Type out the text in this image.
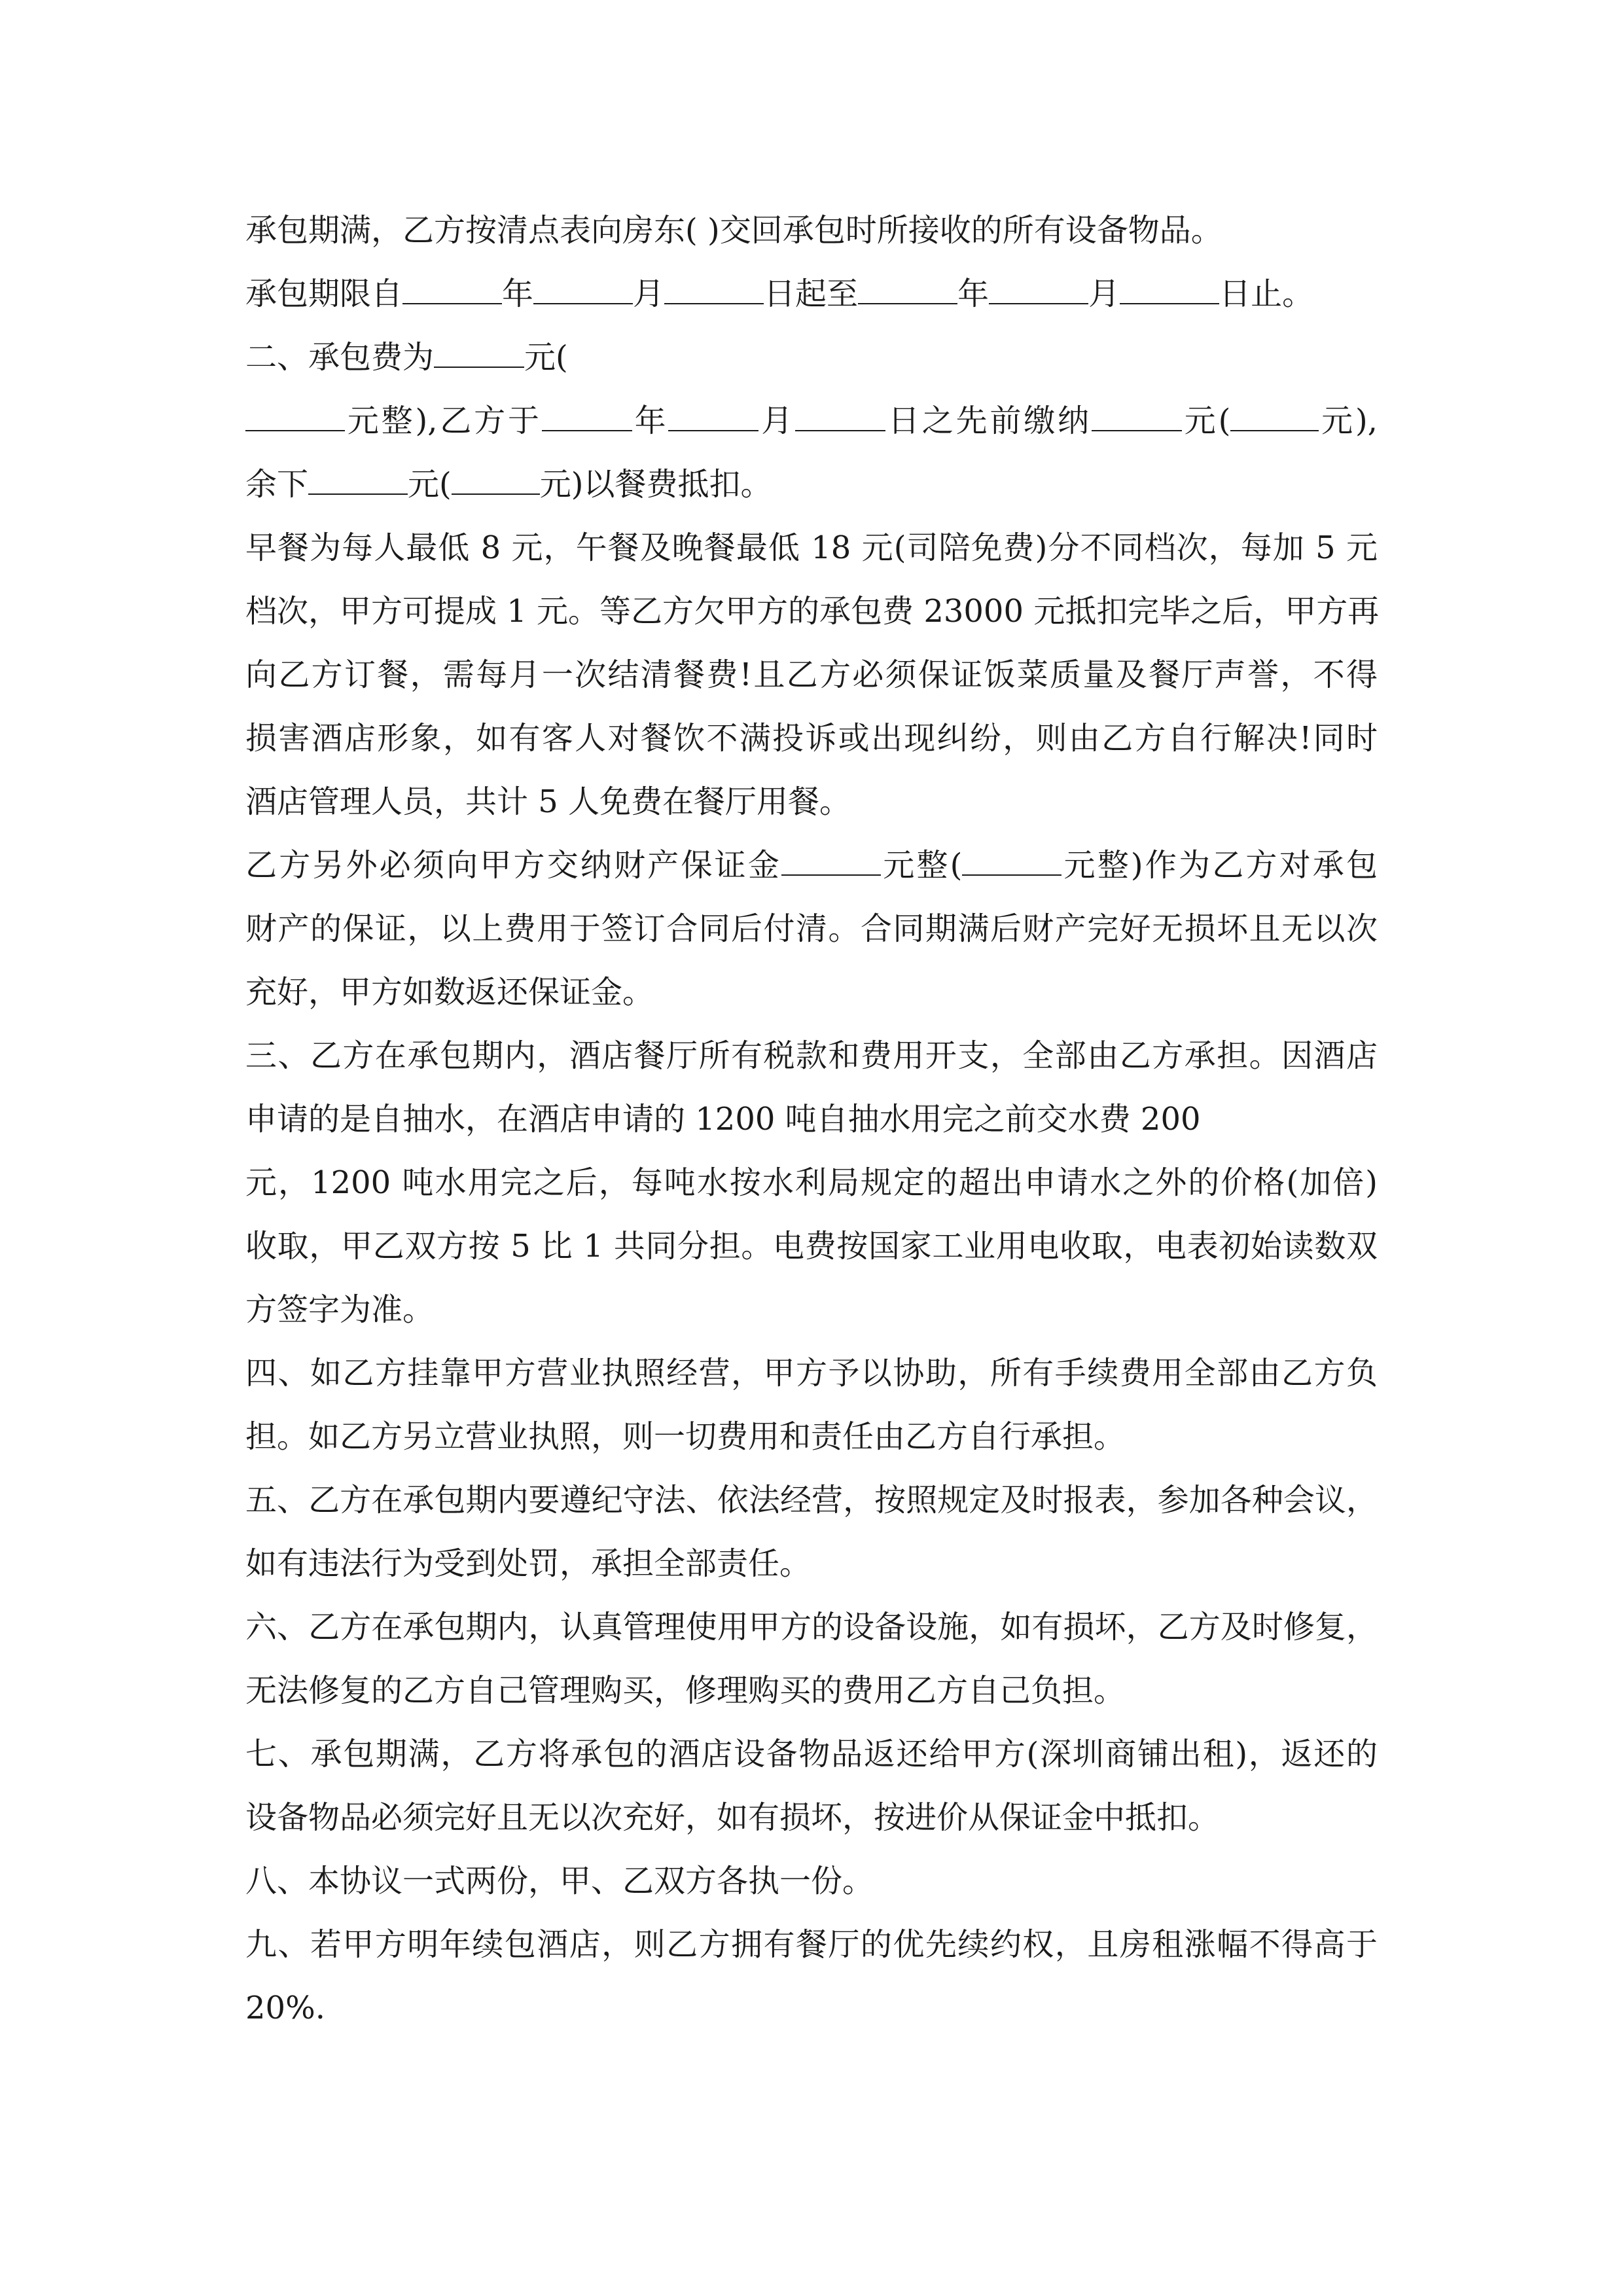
承包期满，乙方按清点表向房东( )交回承包时所接收的所有设备物品。
承包期限自	年	月	日起至	年	月	日止。
二、承包费为	元(
元整),乙方于	年	月	日之先前缴纳	元(	元),
余下	元(	元)以餐费抵扣。
早餐为每人最低 8 元，午餐及晚餐最低 18 元(司陪免费)分不同档次，每加 5 元
档次，甲方可提成 1 元。等乙方欠甲方的承包费 23000 元抵扣完毕之后，甲方再
向乙方订餐，需每月一次结清餐费!且乙方必须保证饭菜质量及餐厅声誉，不得
损害酒店形象，如有客人对餐饮不满投诉或出现纠纷，则由乙方自行解决!同时
酒店管理人员，共计 5 人免费在餐厅用餐。
乙方另外必须向甲方交纳财产保证金	元整(	元整)作为乙方对承包
财产的保证，以上费用于签订合同后付清。合同期满后财产完好无损坏且无以次
充好，甲方如数返还保证金。
三、乙方在承包期内，酒店餐厅所有税款和费用开支，全部由乙方承担。因酒店
申请的是自抽水，在酒店申请的 1200 吨自抽水用完之前交水费 200
元，1200 吨水用完之后，每吨水按水利局规定的超出申请水之外的价格(加倍)
收取，甲乙双方按 5 比 1 共同分担。电费按国家工业用电收取，电表初始读数双
方签字为准。
四、如乙方挂靠甲方营业执照经营，甲方予以协助，所有手续费用全部由乙方负
担。如乙方另立营业执照，则一切费用和责任由乙方自行承担。
五、乙方在承包期内要遵纪守法、依法经营，按照规定及时报表，参加各种会议，
如有违法行为受到处罚，承担全部责任。
六、乙方在承包期内，认真管理使用甲方的设备设施，如有损坏，乙方及时修复，
无法修复的乙方自己管理购买，修理购买的费用乙方自己负担。
七、承包期满，乙方将承包的酒店设备物品返还给甲方(深圳商铺出租)，返还的
设备物品必须完好且无以次充好，如有损坏，按进价从保证金中抵扣。
八、本协议一式两份，甲、乙双方各执一份。
九、若甲方明年续包酒店，则乙方拥有餐厅的优先续约权，且房租涨幅不得高于
20%.
